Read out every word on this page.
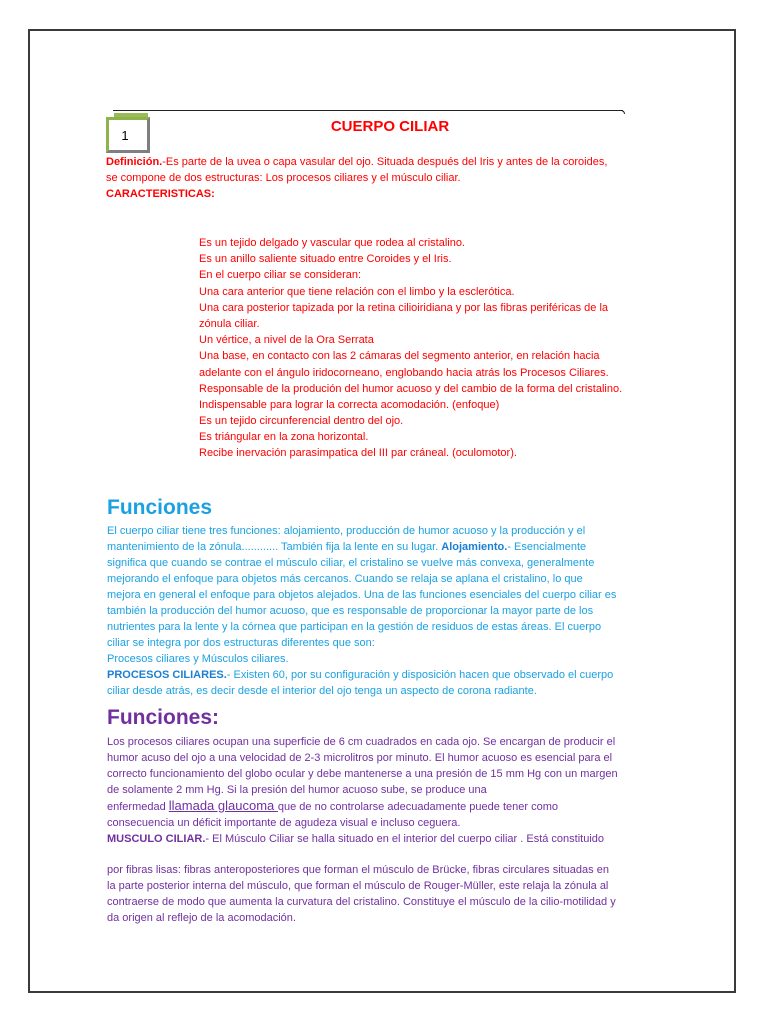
1
CUERPO CILIAR
Definición.-Es parte de la uvea o capa vasular del ojo. Situada después del Iris y antes de la coroides,
se compone de dos estructuras: Los procesos ciliares y el músculo ciliar.
CARACTERISTICAS:
Es un tejido delgado y vascular que rodea al cristalino.
Es un anillo saliente situado entre Coroides y el Iris.
En el cuerpo ciliar se consideran:
Una cara anterior que tiene relación con el limbo y la esclerótica.
Una cara posterior tapizada por la retina cilioiridiana y por las fibras periféricas de la
zónula ciliar.
Un vértice, a nivel de la Ora Serrata
Una base, en contacto con las 2 cámaras del segmento anterior, en relación hacia
adelante con el ángulo iridocorneano, englobando hacia atrás los Procesos Ciliares.
Responsable de la produción del humor acuoso y del cambio de la forma del cristalino.
Indispensable para lograr la correcta acomodación. (enfoque)
Es un tejido circunferencial dentro del ojo.
Es triángular en la zona horizontal.
Recibe inervación parasimpatica del III par cráneal. (oculomotor).
Funciones
El cuerpo ciliar tiene tres funciones: alojamiento, producción de humor acuoso y la producción y el
mantenimiento de la zónula............ También fija la lente en su lugar. Alojamiento.- Esencialmente
significa que cuando se contrae el músculo ciliar, el cristalino se vuelve más convexa, generalmente
mejorando el enfoque para objetos más cercanos. Cuando se relaja se aplana el cristalino, lo que
mejora en general el enfoque para objetos alejados. Una de las funciones esenciales del cuerpo ciliar es
también la producción del humor acuoso, que es responsable de proporcionar la mayor parte de los
nutrientes para la lente y la córnea que participan en la gestión de residuos de estas áreas. El cuerpo
ciliar se integra por dos estructuras diferentes que son:
Procesos ciliares y Músculos ciliares.
PROCESOS CILIARES.- Existen 60, por su configuración y disposición hacen que observado el cuerpo
ciliar desde atrás, es decir desde el interior del ojo tenga un aspecto de corona radiante.
Funciones:
Los procesos ciliares ocupan una superficie de 6 cm cuadrados en cada ojo. Se encargan de producir el
humor acuso del ojo a una velocidad de 2-3 microlitros por minuto. El humor acuoso es esencial para el
correcto funcionamiento del globo ocular y debe mantenerse a una presión de 15 mm Hg con un margen
de solamente 2 mm Hg. Si la presión del humor acuoso sube, se produce una
enfermedad llamada glaucoma que de no controlarse adecuadamente puede tener como
consecuencia un déficit importante de agudeza visual e incluso ceguera.
MUSCULO CILIAR.- El Músculo Ciliar se halla situado en el interior del cuerpo ciliar . Está constituido
por fibras lisas: fibras anteroposteriores que forman el músculo de Brücke, fibras circulares situadas en
la parte posterior interna del músculo, que forman el músculo de Rouger-Müller, este relaja la zónula al
contraerse de modo que aumenta la curvatura del cristalino. Constituye el músculo de la cilio-motilidad y
da origen al reflejo de la acomodación.
